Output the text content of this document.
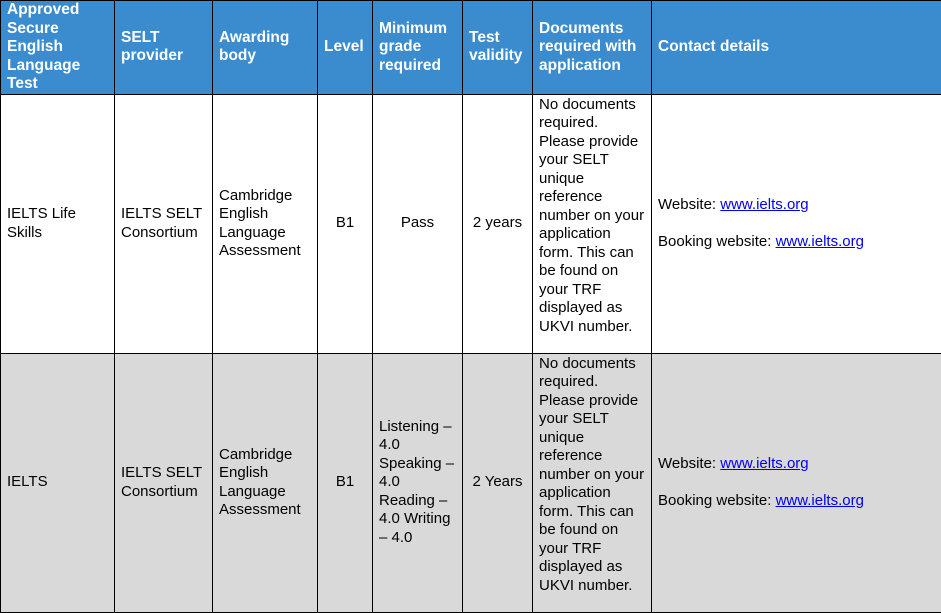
Approved Secure English Language Test	SELT provider	Awarding body	Level	Minimum grade required	Test validity	Documents required with application	Contact details
IELTS Life Skills	IELTS SELT Consortium	Cambridge English Language Assessment	B1	Pass	2 years	No documents required. Please provide your SELT unique reference number on your application form. This can be found on your TRF displayed as UKVI number.	Website: www.ielts.org

Booking website: www.ielts.org

IELTS	IELTS SELT Consortium	Cambridge English Language Assessment	B1	Listening – 4.0 Speaking – 4.0 Reading – 4.0 Writing – 4.0	2 Years	No documents required. Please provide your SELT unique reference number on your application form. This can be found on your TRF displayed as UKVI number.	Website: www.ielts.org

Booking website: www.ielts.org
